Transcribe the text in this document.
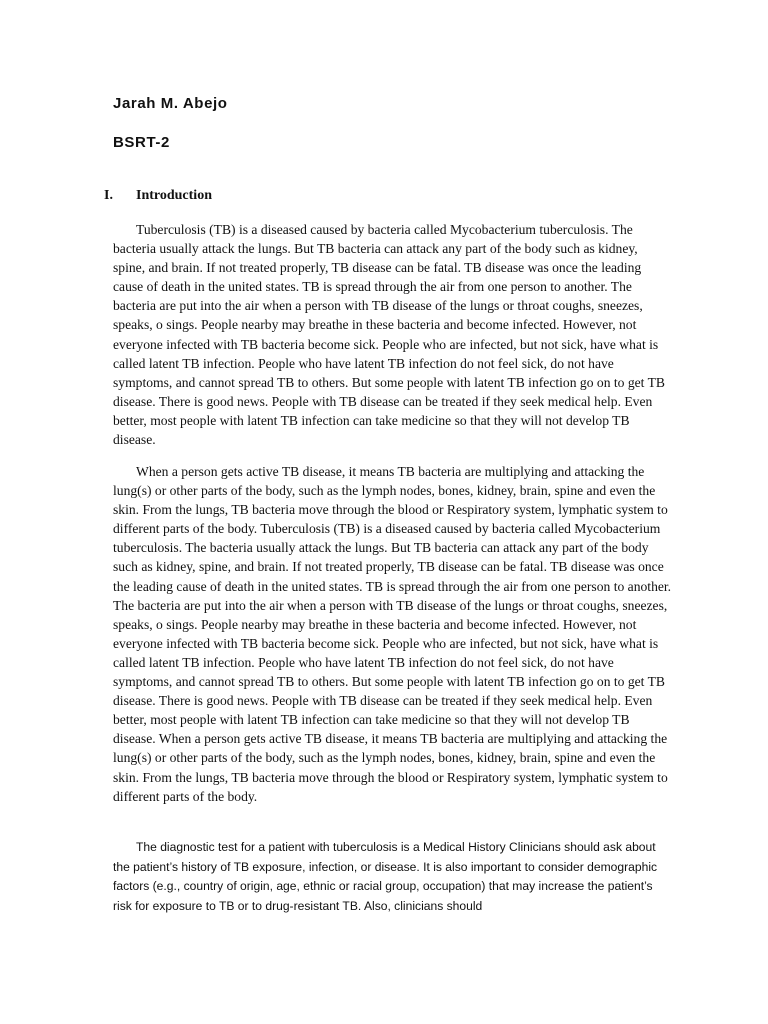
Jarah M. Abejo
BSRT-2
I. Introduction

Tuberculosis (TB) is a diseased caused by bacteria called Mycobacterium tuberculosis. The bacteria usually attack the lungs. But TB bacteria can attack any part of the body such as kidney, spine, and brain. If not treated properly, TB disease can be fatal. TB disease was once the leading cause of death in the united states. TB is spread through the air from one person to another. The bacteria are put into the air when a person with TB disease of the lungs or throat coughs, sneezes, speaks, o sings. People nearby may breathe in these bacteria and become infected. However, not everyone infected with TB bacteria become sick. People who are infected, but not sick, have what is called latent TB infection. People who have latent TB infection do not feel sick, do not have symptoms, and cannot spread TB to others. But some people with latent TB infection go on to get TB disease. There is good news. People with TB disease can be treated if they seek medical help. Even better, most people with latent TB infection can take medicine so that they will not develop TB disease.

When a person gets active TB disease, it means TB bacteria are multiplying and attacking the lung(s) or other parts of the body, such as the lymph nodes, bones, kidney, brain, spine and even the skin. From the lungs, TB bacteria move through the blood or Respiratory system, lymphatic system to different parts of the body. Tuberculosis (TB) is a diseased caused by bacteria called Mycobacterium tuberculosis. The bacteria usually attack the lungs. But TB bacteria can attack any part of the body such as kidney, spine, and brain. If not treated properly, TB disease can be fatal. TB disease was once the leading cause of death in the united states. TB is spread through the air from one person to another. The bacteria are put into the air when a person with TB disease of the lungs or throat coughs, sneezes, speaks, o sings. People nearby may breathe in these bacteria and become infected. However, not everyone infected with TB bacteria become sick. People who are infected, but not sick, have what is called latent TB infection. People who have latent TB infection do not feel sick, do not have symptoms, and cannot spread TB to others. But some people with latent TB infection go on to get TB disease. There is good news. People with TB disease can be treated if they seek medical help. Even better, most people with latent TB infection can take medicine so that they will not develop TB disease. When a person gets active TB disease, it means TB bacteria are multiplying and attacking the lung(s) or other parts of the body, such as the lymph nodes, bones, kidney, brain, spine and even the skin. From the lungs, TB bacteria move through the blood or Respiratory system, lymphatic system to different parts of the body.

The diagnostic test for a patient with tuberculosis is a Medical History Clinicians should ask about the patient’s history of TB exposure, infection, or disease. It is also important to consider demographic factors (e.g., country of origin, age, ethnic or racial group, occupation) that may increase the patient’s risk for exposure to TB or to drug-resistant TB. Also, clinicians should
